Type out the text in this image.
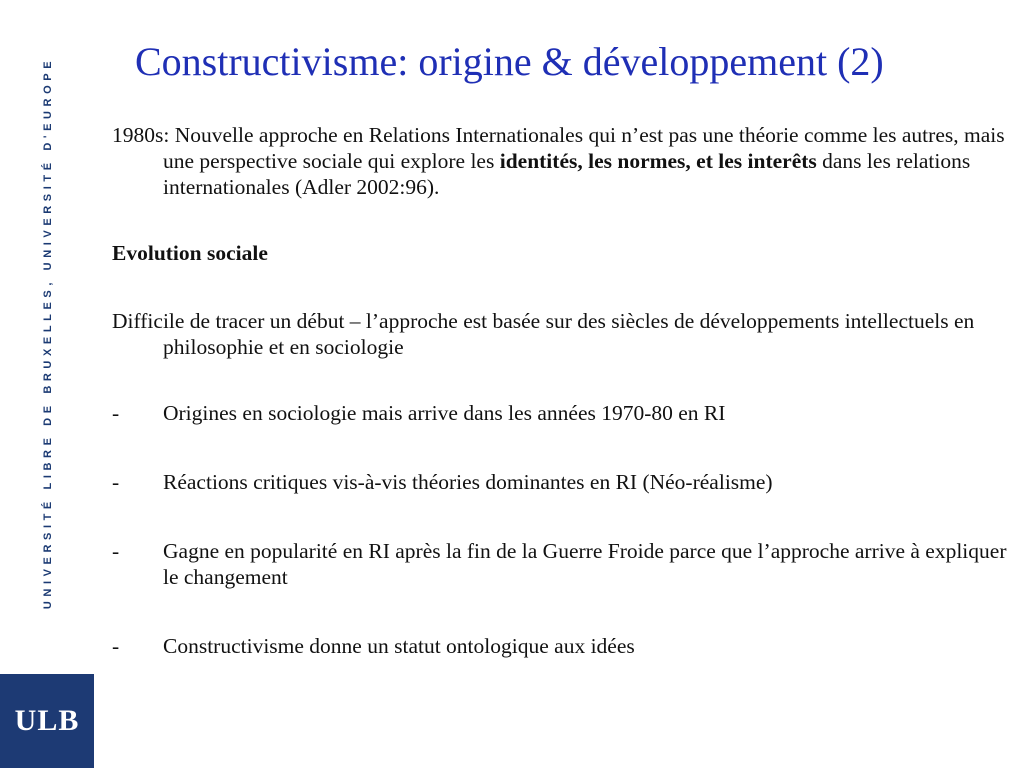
UNIVERSITÉ LIBRE DE BRUXELLES, UNIVERSITÉ D'EUROPE
ULB
Constructivisme: origine & développement (2)

1980s: Nouvelle approche en Relations Internationales qui n’est pas une théorie comme les autres, mais une perspective sociale qui explore les identités, les normes, et les interêts dans les relations internationales (Adler 2002:96).

Evolution sociale

Difficile de tracer un début – l’approche est basée sur des siècles de développements intellectuels en philosophie et en sociologie

- Origines en sociologie mais arrive dans les années 1970-80 en RI
- Réactions critiques vis-à-vis théories dominantes en RI (Néo-réalisme)
- Gagne en popularité en RI après la fin de la Guerre Froide parce que l’approche arrive à expliquer le changement
- Constructivisme donne un statut ontologique aux idées
